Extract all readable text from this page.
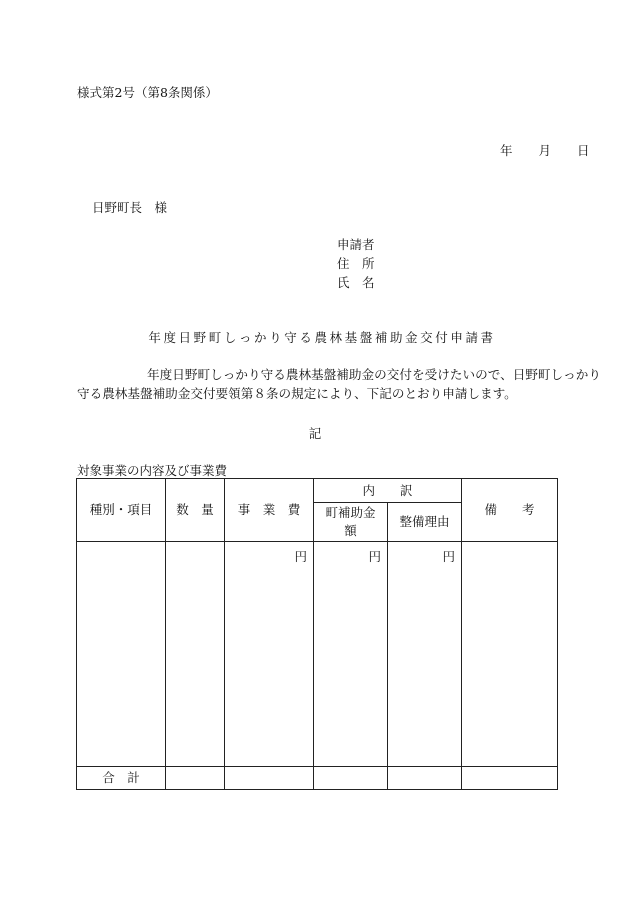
様式第2号（第8条関係）
年 月 日
日野町長　様
申請者
住　所
氏　名
年度日野町しっかり守る農林基盤補助金交付申請書
年度日野町しっかり守る農林基盤補助金の交付を受けたいので、日野町しっかり守る農林基盤補助金交付要領第８条の規定により、下記のとおり申請します。
記
対象事業の内容及び事業費
種別・項目	数　量	事　業　費	内　　訳		備　　考

			町補助金額	整備理由	
		円	円	円	
合　計					
